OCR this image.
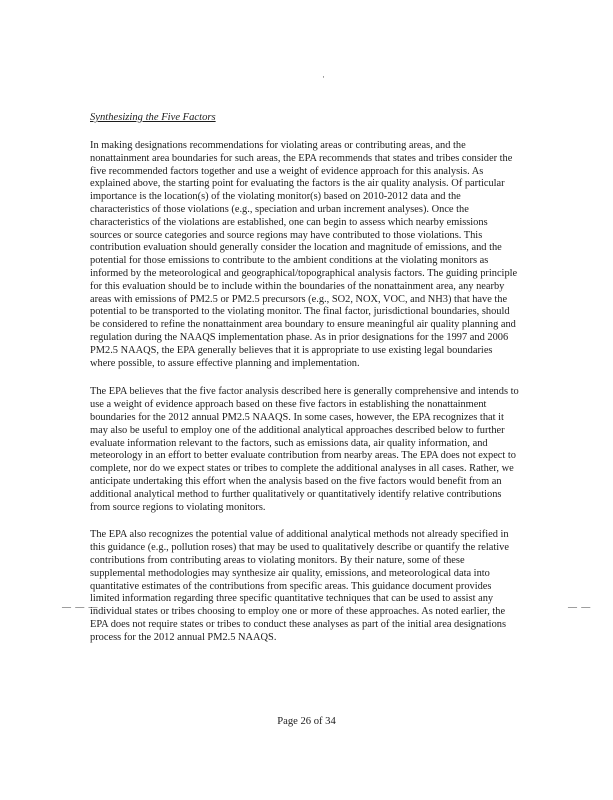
·
Synthesizing the Five Factors

In making designations recommendations for violating areas or contributing areas, and the nonattainment area boundaries for such areas, the EPA recommends that states and tribes consider the five recommended factors together and use a weight of evidence approach for this analysis. As explained above, the starting point for evaluating the factors is the air quality analysis. Of particular importance is the location(s) of the violating monitor(s) based on 2010-2012 data and the characteristics of those violations (e.g., speciation and urban increment analyses). Once the characteristics of the violations are established, one can begin to assess which nearby emissions sources or source categories and source regions may have contributed to those violations. This contribution evaluation should generally consider the location and magnitude of emissions, and the potential for those emissions to contribute to the ambient conditions at the violating monitors as informed by the meteorological and geographical/topographical analysis factors. The guiding principle for this evaluation should be to include within the boundaries of the nonattainment area, any nearby areas with emissions of PM2.5 or PM2.5 precursors (e.g., SO2, NOX, VOC, and NH3) that have the potential to be transported to the violating monitor. The final factor, jurisdictional boundaries, should be considered to refine the nonattainment area boundary to ensure meaningful air quality planning and regulation during the NAAQS implementation phase. As in prior designations for the 1997 and 2006 PM2.5 NAAQS, the EPA generally believes that it is appropriate to use existing legal boundaries where possible, to assure effective planning and implementation.

The EPA believes that the five factor analysis described here is generally comprehensive and intends to use a weight of evidence approach based on these five factors in establishing the nonattainment boundaries for the 2012 annual PM2.5 NAAQS. In some cases, however, the EPA recognizes that it may also be useful to employ one of the additional analytical approaches described below to further evaluate information relevant to the factors, such as emissions data, air quality information, and meteorology in an effort to better evaluate contribution from nearby areas. The EPA does not expect to complete, nor do we expect states or tribes to complete the additional analyses in all cases. Rather, we anticipate undertaking this effort when the analysis based on the five factors would benefit from an additional analytical method to further qualitatively or quantitatively identify relative contributions from source regions to violating monitors.

The EPA also recognizes the potential value of additional analytical methods not already specified in this guidance (e.g., pollution roses) that may be used to qualitatively describe or quantify the relative contributions from contributing areas to violating monitors. By their nature, some of these supplemental methodologies may synthesize air quality, emissions, and meteorological data into quantitative estimates of the contributions from specific areas. This guidance document provides limited information regarding three specific quantitative techniques that can be used to assist any individual states or tribes choosing to employ one or more of these approaches. As noted earlier, the EPA does not require states or tribes to conduct these analyses as part of the initial area designations process for the 2012 annual PM2.5 NAAQS.

— — —	— —
Page 26 of 34
